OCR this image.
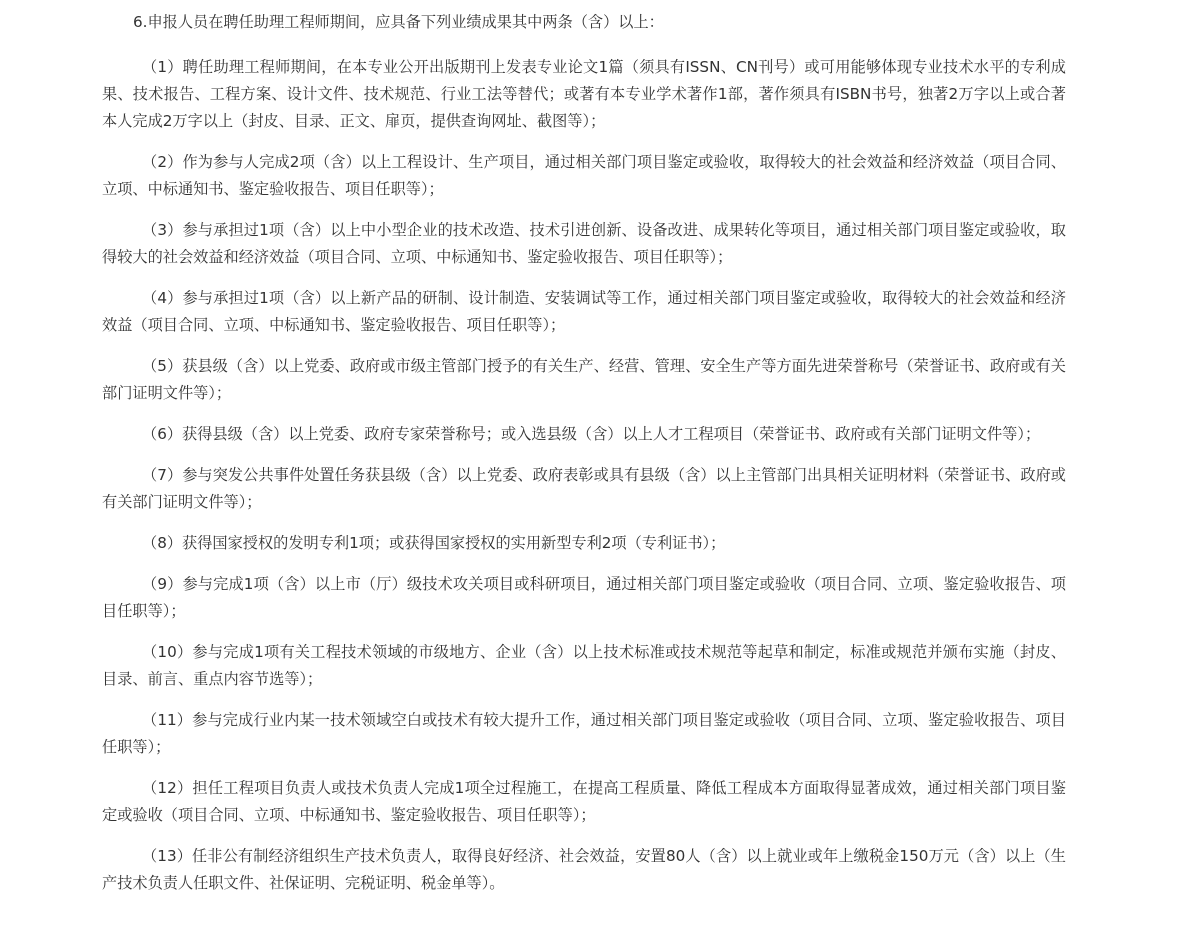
6.申报人员在聘任助理工程师期间，应具备下列业绩成果其中两条（含）以上：

（1）聘任助理工程师期间，在本专业公开出版期刊上发表专业论文1篇（须具有ISSN、CN刊号）或可用能够体现专业技术水平的专利成果、技术报告、工程方案、设计文件、技术规范、行业工法等替代；或著有本专业学术著作1部，著作须具有ISBN书号，独著2万字以上或合著本人完成2万字以上（封皮、目录、正文、扉页，提供查询网址、截图等）；

（2）作为参与人完成2项（含）以上工程设计、生产项目，通过相关部门项目鉴定或验收，取得较大的社会效益和经济效益（项目合同、立项、中标通知书、鉴定验收报告、项目任职等）；

（3）参与承担过1项（含）以上中小型企业的技术改造、技术引进创新、设备改进、成果转化等项目，通过相关部门项目鉴定或验收，取得较大的社会效益和经济效益（项目合同、立项、中标通知书、鉴定验收报告、项目任职等）；

（4）参与承担过1项（含）以上新产品的研制、设计制造、安装调试等工作，通过相关部门项目鉴定或验收，取得较大的社会效益和经济效益（项目合同、立项、中标通知书、鉴定验收报告、项目任职等）；

（5）获县级（含）以上党委、政府或市级主管部门授予的有关生产、经营、管理、安全生产等方面先进荣誉称号（荣誉证书、政府或有关部门证明文件等）；

（6）获得县级（含）以上党委、政府专家荣誉称号；或入选县级（含）以上人才工程项目（荣誉证书、政府或有关部门证明文件等）；

（7）参与突发公共事件处置任务获县级（含）以上党委、政府表彰或具有县级（含）以上主管部门出具相关证明材料（荣誉证书、政府或有关部门证明文件等）；

（8）获得国家授权的发明专利1项；或获得国家授权的实用新型专利2项（专利证书）；

（9）参与完成1项（含）以上市（厅）级技术攻关项目或科研项目，通过相关部门项目鉴定或验收（项目合同、立项、鉴定验收报告、项目任职等）；

（10）参与完成1项有关工程技术领域的市级地方、企业（含）以上技术标准或技术规范等起草和制定，标准或规范并颁布实施（封皮、目录、前言、重点内容节选等）；

（11）参与完成行业内某一技术领域空白或技术有较大提升工作，通过相关部门项目鉴定或验收（项目合同、立项、鉴定验收报告、项目任职等）；

（12）担任工程项目负责人或技术负责人完成1项全过程施工，在提高工程质量、降低工程成本方面取得显著成效，通过相关部门项目鉴定或验收（项目合同、立项、中标通知书、鉴定验收报告、项目任职等）；

（13）任非公有制经济组织生产技术负责人，取得良好经济、社会效益，安置80人（含）以上就业或年上缴税金150万元（含）以上（生产技术负责人任职文件、社保证明、完税证明、税金单等）。
